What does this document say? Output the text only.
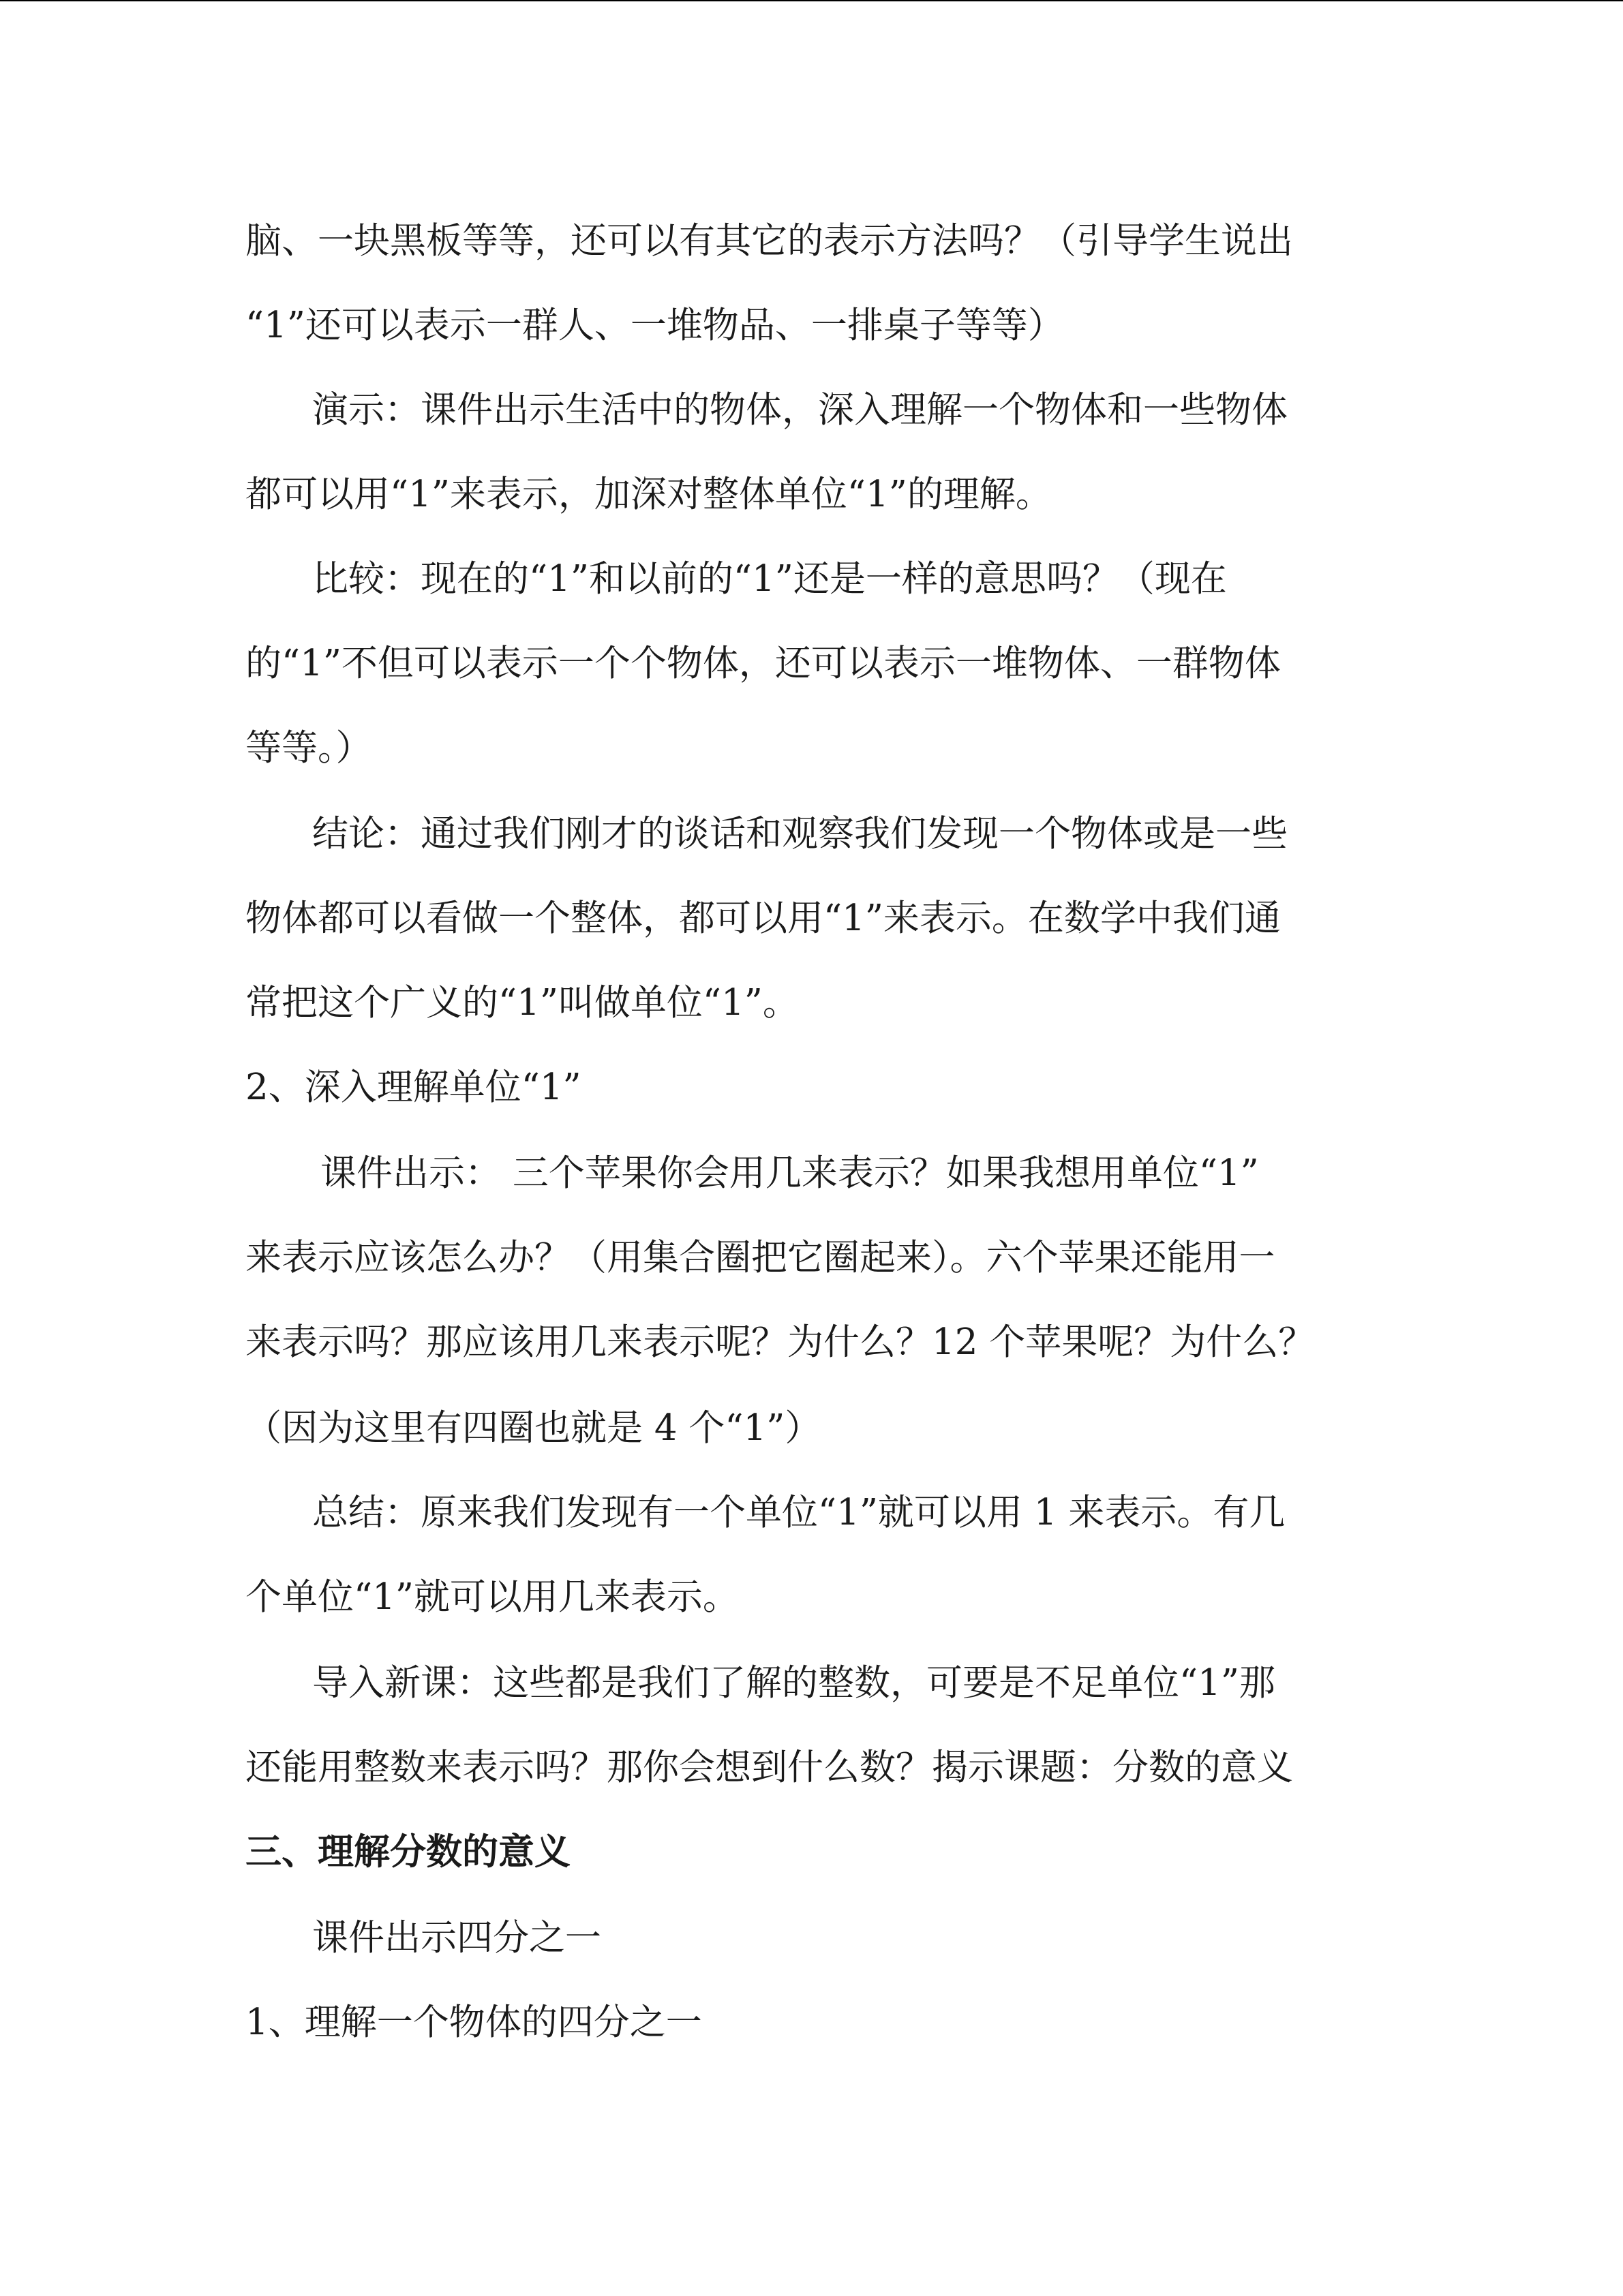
脑、一块黑板等等，还可以有其它的表示方法吗？（引导学生说出
“1”还可以表示一群人、一堆物品、一排桌子等等）
演示：课件出示生活中的物体，深入理解一个物体和一些物体
都可以用“1”来表示，加深对整体单位“1”的理解。
比较：现在的“1”和以前的“1”还是一样的意思吗？（现在
的“1”不但可以表示一个个物体，还可以表示一堆物体、一群物体
等等。）
结论：通过我们刚才的谈话和观察我们发现一个物体或是一些
物体都可以看做一个整体，都可以用“1”来表示。在数学中我们通
常把这个广义的“1”叫做单位“1”。
2、深入理解单位“1”
课件出示： 三个苹果你会用几来表示？如果我想用单位“1”
来表示应该怎么办？（用集合圈把它圈起来）。六个苹果还能用一
来表示吗？那应该用几来表示呢？为什么？12 个苹果呢？为什么？
（因为这里有四圈也就是 4 个“1”）
总结：原来我们发现有一个单位“1”就可以用 1 来表示。有几
个单位“1”就可以用几来表示。
导入新课：这些都是我们了解的整数，可要是不足单位“1”那
还能用整数来表示吗？那你会想到什么数？揭示课题：分数的意义
三、理解分数的意义
课件出示四分之一
1、理解一个物体的四分之一
